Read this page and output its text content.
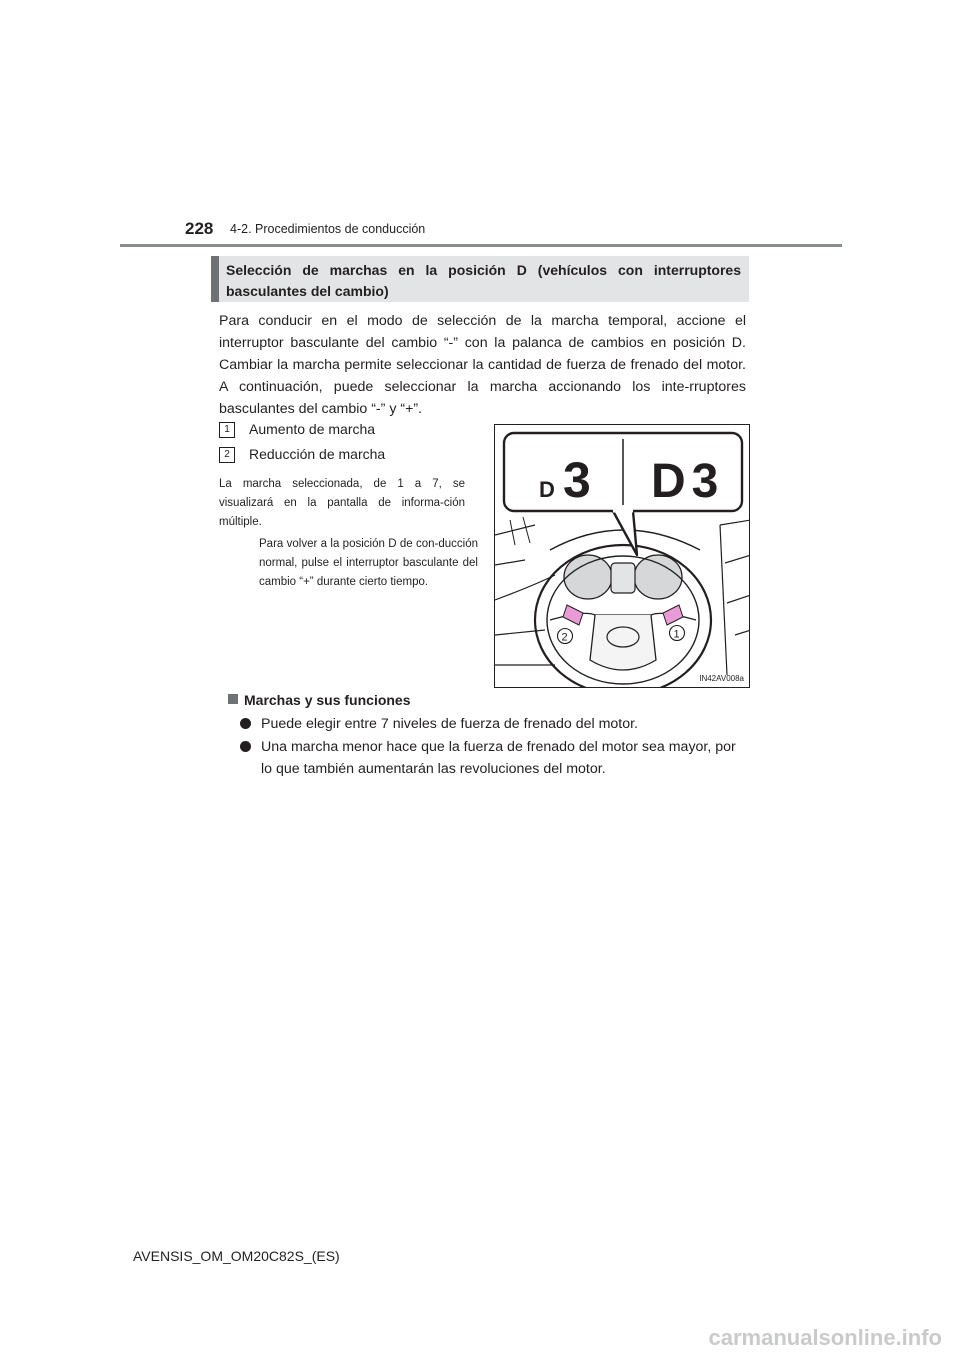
228 4-2. Procedimientos de conducción
Selección de marchas en la posición D (vehículos con interruptores basculantes del cambio)

Para conducir en el modo de selección de la marcha temporal, accione el interruptor basculante del cambio “-” con la palanca de cambios en posición D. Cambiar la marcha permite seleccionar la cantidad de fuerza de frenado del motor. A continuación, puede seleccionar la marcha accionando los inte-rruptores basculantes del cambio “-” y “+”.

1 Aumento de marcha
2 Reducción de marcha

La marcha seleccionada, de 1 a 7, se visualizará en la pantalla de informa-ción múltiple.

Para volver a la posición D de con-ducción normal, pulse el interruptor basculante del cambio “+” durante cierto tiempo.

D 3 D3
2	1
IN42AV008a
Marchas y sus funciones
Puede elegir entre 7 niveles de fuerza de frenado del motor.
Una marcha menor hace que la fuerza de frenado del motor sea mayor, por lo que también aumentarán las revoluciones del motor.
AVENSIS_OM_OM20C82S_(ES)
carmanualsonline.info
